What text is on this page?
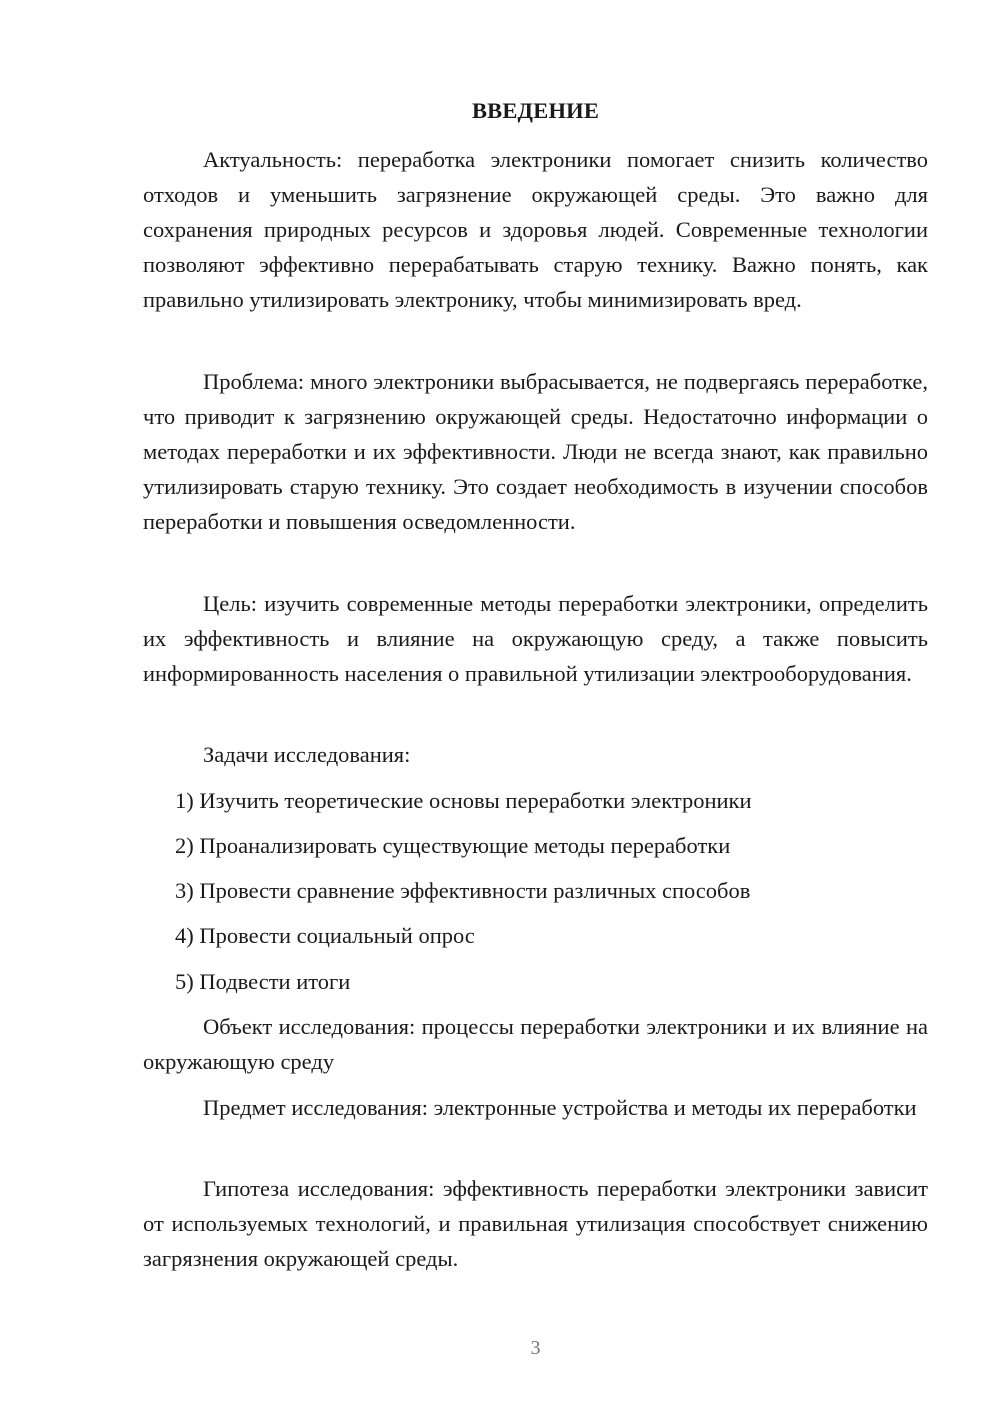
ВВЕДЕНИЕ

Актуальность: переработка электроники помогает снизить количество отходов и уменьшить загрязнение окружающей среды. Это важно для сохранения природных ресурсов и здоровья людей. Современные технологии позволяют эффективно перерабатывать старую технику. Важно понять, как правильно утилизировать электронику, чтобы минимизировать вред.

Проблема: много электроники выбрасывается, не подвергаясь переработке, что приводит к загрязнению окружающей среды. Недостаточно информации о методах переработки и их эффективности. Люди не всегда знают, как правильно утилизировать старую технику. Это создает необходимость в изучении способов переработки и повышения осведомленности.

Цель: изучить современные методы переработки электроники, определить их эффективность и влияние на окружающую среду, а также повысить информированность населения о правильной утилизации электрооборудования.

Задачи исследования:

1) Изучить теоретические основы переработки электроники

2) Проанализировать существующие методы переработки

3) Провести сравнение эффективности различных способов

4) Провести социальный опрос

5) Подвести итоги

Объект исследования: процессы переработки электроники и их влияние на окружающую среду

Предмет исследования: электронные устройства и методы их переработки

Гипотеза исследования: эффективность переработки электроники зависит от используемых технологий, и правильная утилизация способствует снижению загрязнения окружающей среды.

3
